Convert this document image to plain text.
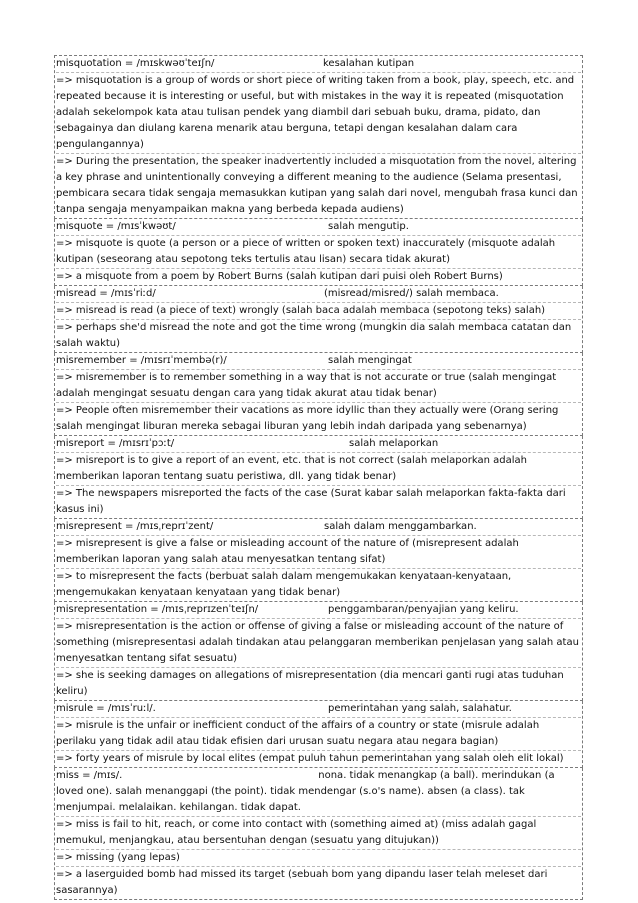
misquotation = /mɪskwəʊˈteɪʃn/	kesalahan kutipan
=> misquotation is a group of words or short piece of writing taken from a book, play, speech, etc. and repeated because it is interesting or useful, but with mistakes in the way it is repeated (misquotation adalah sekelompok kata atau tulisan pendek yang diambil dari sebuah buku, drama, pidato, dan sebagainya dan diulang karena menarik atau berguna, tetapi dengan kesalahan dalam cara pengulangannya)
=> During the presentation, the speaker inadvertently included a misquotation from the novel, altering a key phrase and unintentionally conveying a different meaning to the audience (Selama presentasi, pembicara secara tidak sengaja memasukkan kutipan yang salah dari novel, mengubah frasa kunci dan tanpa sengaja menyampaikan makna yang berbeda kepada audiens)
misquote = /mɪsˈkwəʊt/	salah mengutip.
=> misquote is quote (a person or a piece of written or spoken text) inaccurately (misquote adalah kutipan (seseorang atau sepotong teks tertulis atau lisan) secara tidak akurat)
=> a misquote from a poem by Robert Burns (salah kutipan dari puisi oleh Robert Burns)
misread = /mɪsˈriːd/	(misread/misred/) salah membaca.
=> misread is read (a piece of text) wrongly (salah baca adalah membaca (sepotong teks) salah)
=> perhaps she'd misread the note and got the time wrong (mungkin dia salah membaca catatan dan salah waktu)
misremember = /mɪsrɪˈmembə(r)/	salah mengingat
=> misremember is to remember something in a way that is not accurate or true (salah mengingat adalah mengingat sesuatu dengan cara yang tidak akurat atau tidak benar)
=> People often misremember their vacations as more idyllic than they actually were (Orang sering salah mengingat liburan mereka sebagai liburan yang lebih indah daripada yang sebenarnya)
misreport = /mɪsrɪˈpɔːt/	salah melaporkan
=> misreport is to give a report of an event, etc. that is not correct (salah melaporkan adalah memberikan laporan tentang suatu peristiwa, dll. yang tidak benar)
=> The newspapers misreported the facts of the case (Surat kabar salah melaporkan fakta-fakta dari kasus ini)
misrepresent = /mɪsˌreprɪˈzent/	salah dalam menggambarkan.
=> misrepresent is give a false or misleading account of the nature of (misrepresent adalah memberikan laporan yang salah atau menyesatkan tentang sifat)
=> to misrepresent the facts (berbuat salah dalam mengemukakan kenyataan-kenyataan, mengemukakan kenyataan kenyataan yang tidak benar)
misrepresentation = /mɪsˌreprɪzenˈteɪʃn/	penggambaran/penyajian yang keliru.
=> misrepresentation is the action or offense of giving a false or misleading account of the nature of something (misrepresentasi adalah tindakan atau pelanggaran memberikan penjelasan yang salah atau menyesatkan tentang sifat sesuatu)
=> she is seeking damages on allegations of misrepresentation (dia mencari ganti rugi atas tuduhan keliru)
misrule = /mɪsˈruːl/.	pemerintahan yang salah, salahatur.
=> misrule is the unfair or inefficient conduct of the affairs of a country or state (misrule adalah perilaku yang tidak adil atau tidak efisien dari urusan suatu negara atau negara bagian)
=> forty years of misrule by local elites (empat puluh tahun pemerintahan yang salah oleh elit lokal)
miss = /mɪs/.	nona. tidak menangkap (a ball). merindukan (a loved one). salah menanggapi (the point). tidak mendengar (s.o's name). absen (a class). tak menjumpai. melalaikan. kehilangan. tidak dapat.
=> miss is fail to hit, reach, or come into contact with (something aimed at) (miss adalah gagal memukul, menjangkau, atau bersentuhan dengan (sesuatu yang ditujukan))
=> missing (yang lepas)
=> a laserguided bomb had missed its target (sebuah bom yang dipandu laser telah meleset dari sasarannya)
